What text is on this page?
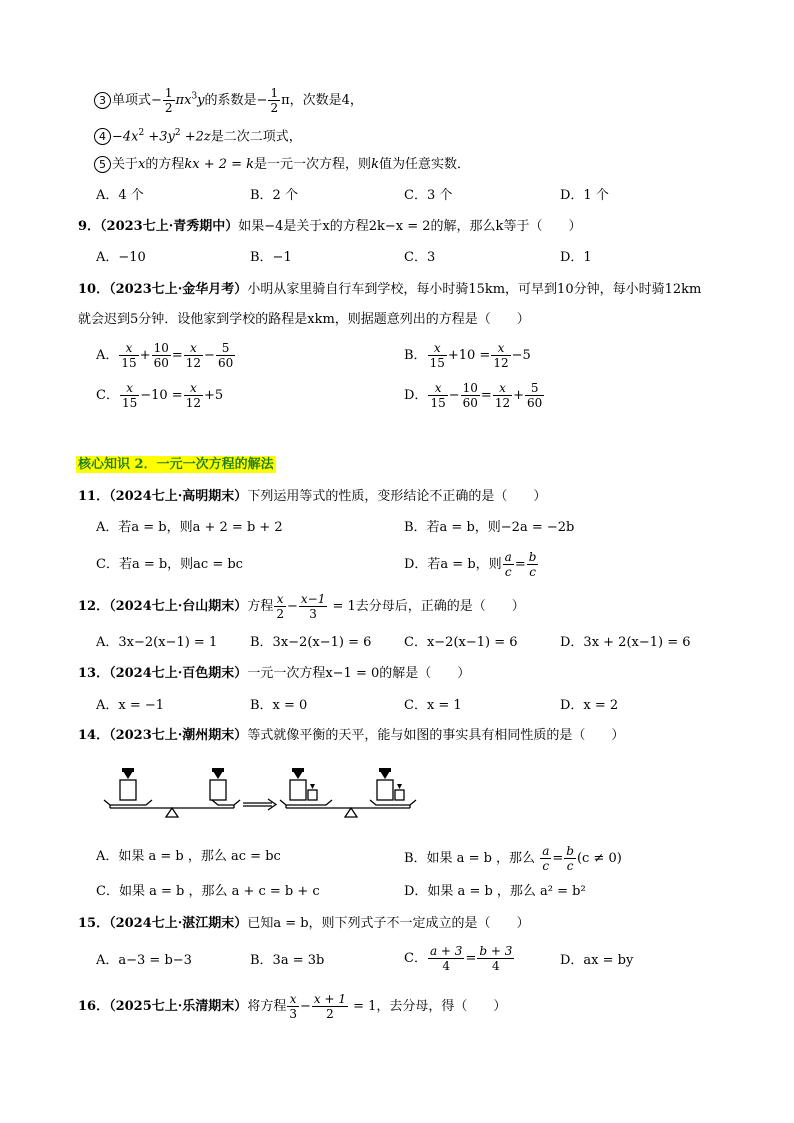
3 单项式− $\frac{1}{2} \pi x^3y$的系数是− $\frac{1}{2}$ π，次数是4，
$4 -4x^2 +3y^2 +2z$是二次二项式，
5 关于x的方程kx + 2 = k是一元一次方程，则k值为任意实数．
A．4 个	B．2 个	C．3 个	D．1 个
9．（2023七上·青秀期中）如果−4是关于x的方程2k−x = 2的解，那么k等于（　　）
A．−10	B．−1	C．3	D．1
10．（2023七上·金华月考）小明从家里骑自行车到学校，每小时骑15km，可早到10分钟，每小时骑12km
就会迟到5分钟．设他家到学校的路程是xkm，则据题意列出的方程是（　　）
A． $\frac{x}{15} + \frac{10}{60} = \frac{x}{12} - \frac{5}{60}$	B． $\frac{x}{15} +10 = \frac{x}{12} -5$
C． $\frac{x}{15} -10 = \frac{x}{12} +5$	D． $\frac{x}{15} - \frac{10}{60} = \frac{x}{12} + \frac{5}{60}$
核心知识 2．一元一次方程的解法
11．（2024七上·高明期末）下列运用等式的性质，变形结论不正确的是（　　）
A．若a = b，则a + 2 = b + 2	B．若a = b，则−2a = −2b
C．若a = b，则ac = bc	D．若a = b，则 $\frac{a}{c} = \frac{b}{c}$
12．（2024七上·台山期末）方程 $\frac{x}{2} - \frac{x-1}{3} = 1$去分母后，正确的是（　　）
A．3x−2(x−1) = 1	B．3x−2(x−1) = 6	C．x−2(x−1) = 6	D．3x + 2(x−1) = 6
13．（2024七上·百色期末）一元一次方程x−1 = 0的解是（　　）
A．x = −1	B．x = 0	C．x = 1	D．x = 2
14．（2023七上·潮州期末）等式就像平衡的天平，能与如图的事实具有相同性质的是（　　）
A．如果 a = b ，那么 ac = bc	B．如果 a = b ，那么 $\frac{a}{c} = \frac{b}{c} (c \ne 0)$
C．如果 a = b ，那么 a + c = b + c	D．如果 a = b ，那么 a² = b²
15．（2024七上·湛江期末）已知a = b，则下列式子不一定成立的是（　　）
A．a−3 = b−3	B．3a = 3b	C． $\frac{a + 3}{4} = \frac{b + 3}{4}$	D．ax = by
16．（2025七上·乐清期末）将方程 $\frac{x}{3} - \frac{x + 1}{2} = 1$，去分母，得（　　）
